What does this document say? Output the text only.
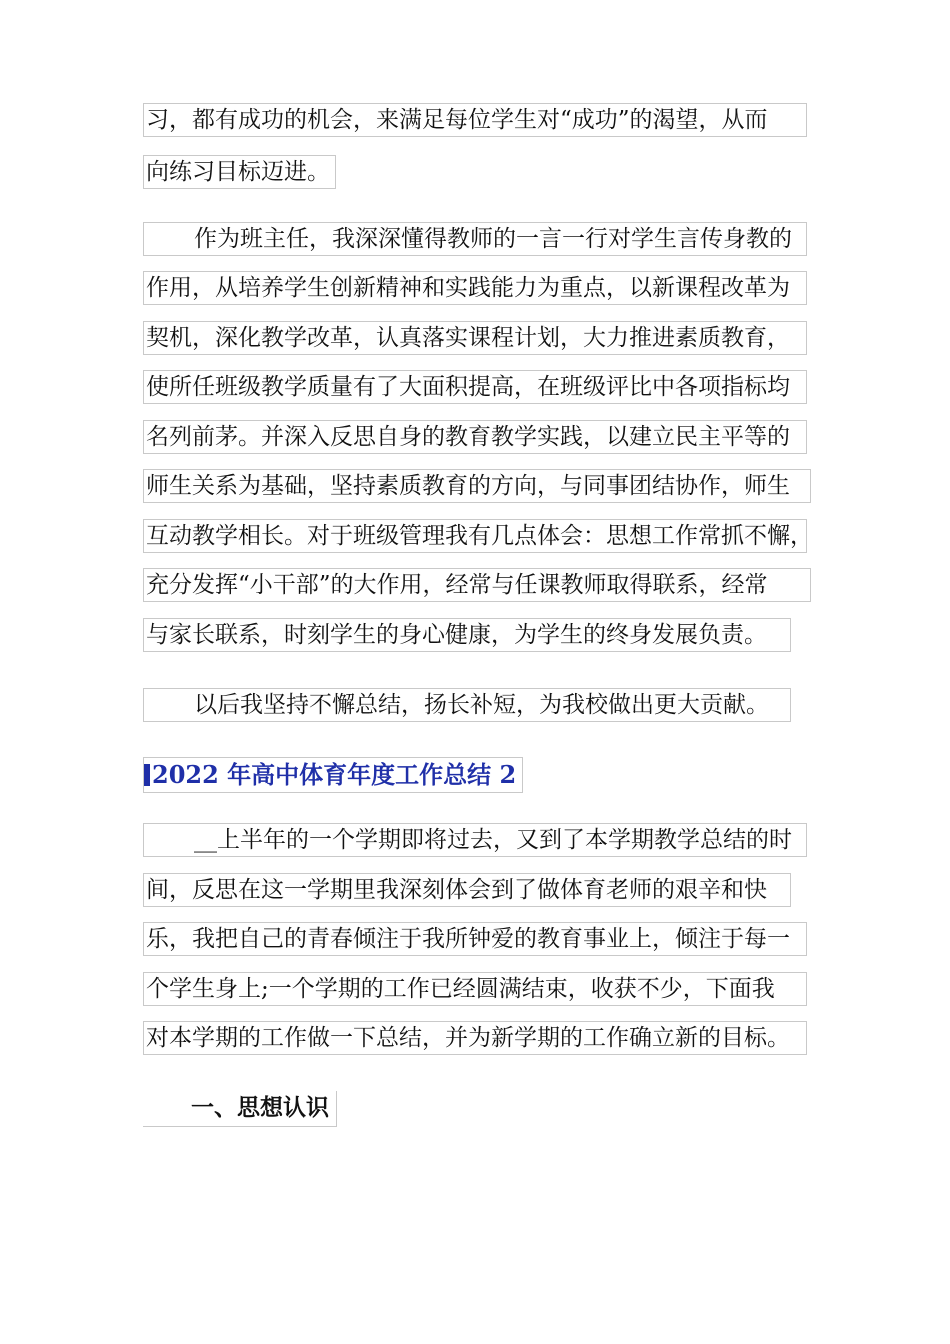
习，都有成功的机会，来满足每位学生对“成功”的渴望，从而
向练习目标迈进。
作为班主任，我深深懂得教师的一言一行对学生言传身教的
作用，从培养学生创新精神和实践能力为重点，以新课程改革为
契机，深化教学改革，认真落实课程计划，大力推进素质教育，
使所任班级教学质量有了大面积提高，在班级评比中各项指标均
名列前茅。并深入反思自身的教育教学实践，以建立民主平等的
师生关系为基础，坚持素质教育的方向，与同事团结协作，师生
互动教学相长。对于班级管理我有几点体会：思想工作常抓不懈，
充分发挥“小干部”的大作用，经常与任课教师取得联系，经常
与家长联系，时刻学生的身心健康，为学生的终身发展负责。
以后我坚持不懈总结，扬长补短，为我校做出更大贡献。
2022 年高中体育年度工作总结 2
__上半年的一个学期即将过去，又到了本学期教学总结的时
间，反思在这一学期里我深刻体会到了做体育老师的艰辛和快
乐，我把自己的青春倾注于我所钟爱的教育事业上，倾注于每一
个学生身上;一个学期的工作已经圆满结束，收获不少，下面我
对本学期的工作做一下总结，并为新学期的工作确立新的目标。
一、思想认识
